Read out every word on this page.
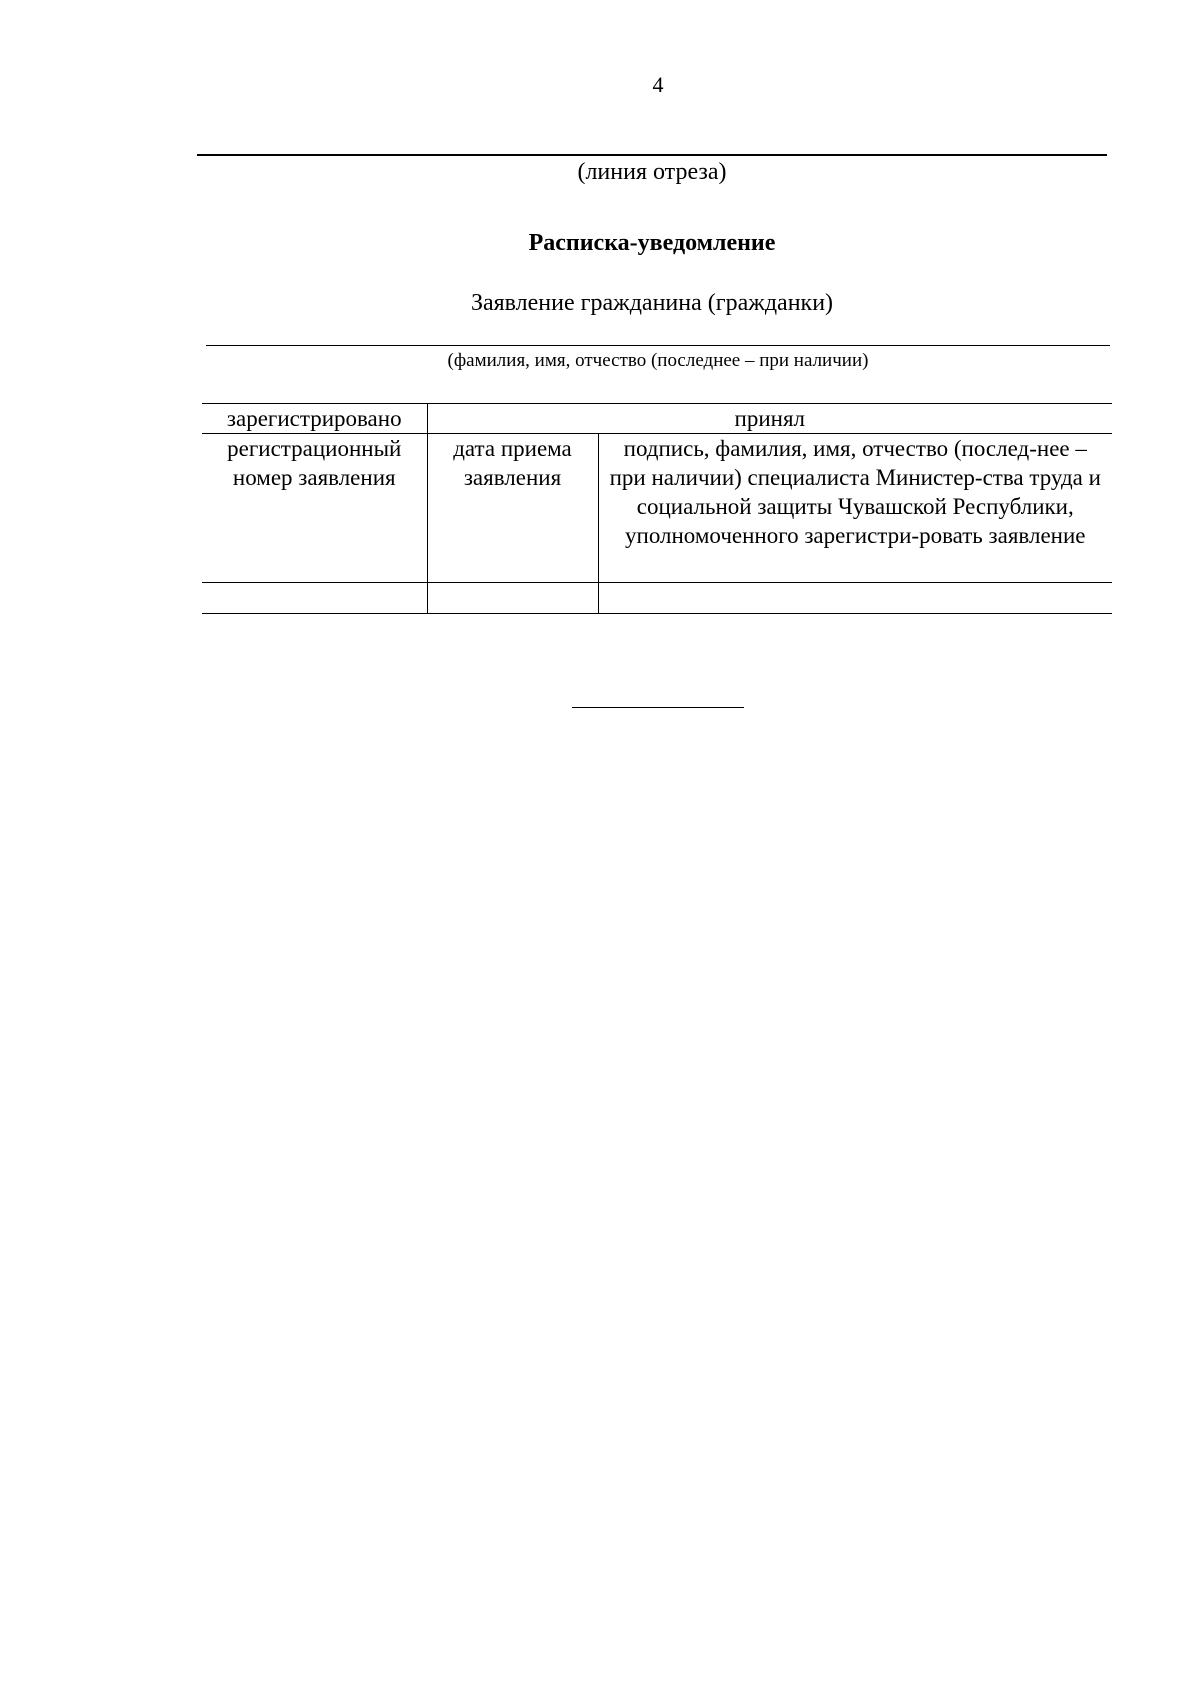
4
(линия отреза)
Расписка-уведомление
Заявление гражданина (гражданки)
(фамилия, имя, отчество (последнее – при наличии)
зарегистрировано	принял	
регистрационный номер заявления	дата приема заявления	подпись, фамилия, имя, отчество (послед-нее – при наличии) специалиста Министер-ства труда и социальной защиты Чувашской Республики, уполномоченного зарегистри-ровать заявление
